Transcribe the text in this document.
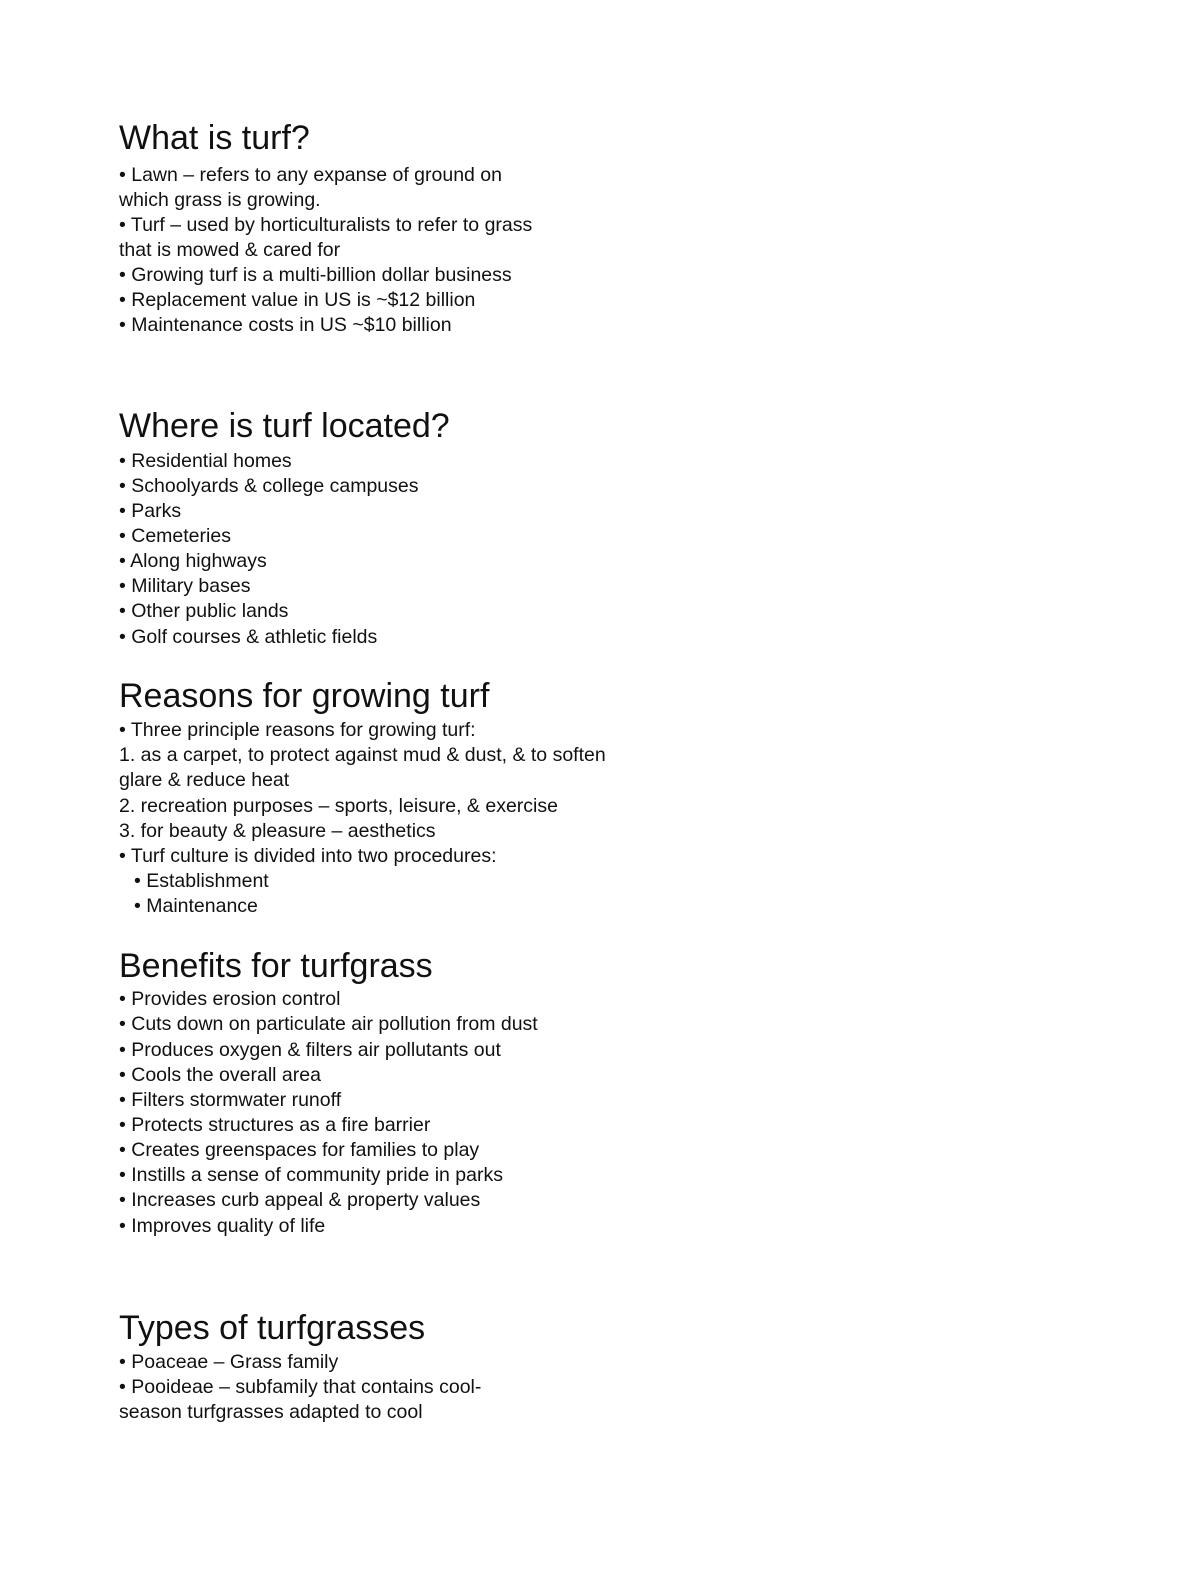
What is turf?

• Lawn – refers to any expanse of ground on

which grass is growing.

• Turf – used by horticulturalists to refer to grass

that is mowed & cared for

• Growing turf is a multi-billion dollar business

• Replacement value in US is ~$12 billion

• Maintenance costs in US ~$10 billion

Where is turf located?

• Residential homes

• Schoolyards & college campuses

• Parks

• Cemeteries

• Along highways

• Military bases

• Other public lands

• Golf courses & athletic fields

Reasons for growing turf

• Three principle reasons for growing turf:

1. as a carpet, to protect against mud & dust, & to soften

glare & reduce heat

2. recreation purposes – sports, leisure, & exercise

3. for beauty & pleasure – aesthetics

• Turf culture is divided into two procedures:

• Establishment

• Maintenance

Benefits for turfgrass

• Provides erosion control

• Cuts down on particulate air pollution from dust

• Produces oxygen & filters air pollutants out

• Cools the overall area

• Filters stormwater runoff

• Protects structures as a fire barrier

• Creates greenspaces for families to play

• Instills a sense of community pride in parks

• Increases curb appeal & property values

• Improves quality of life

Types of turfgrasses

• Poaceae – Grass family

• Pooideae – subfamily that contains cool-

season turfgrasses adapted to cool
